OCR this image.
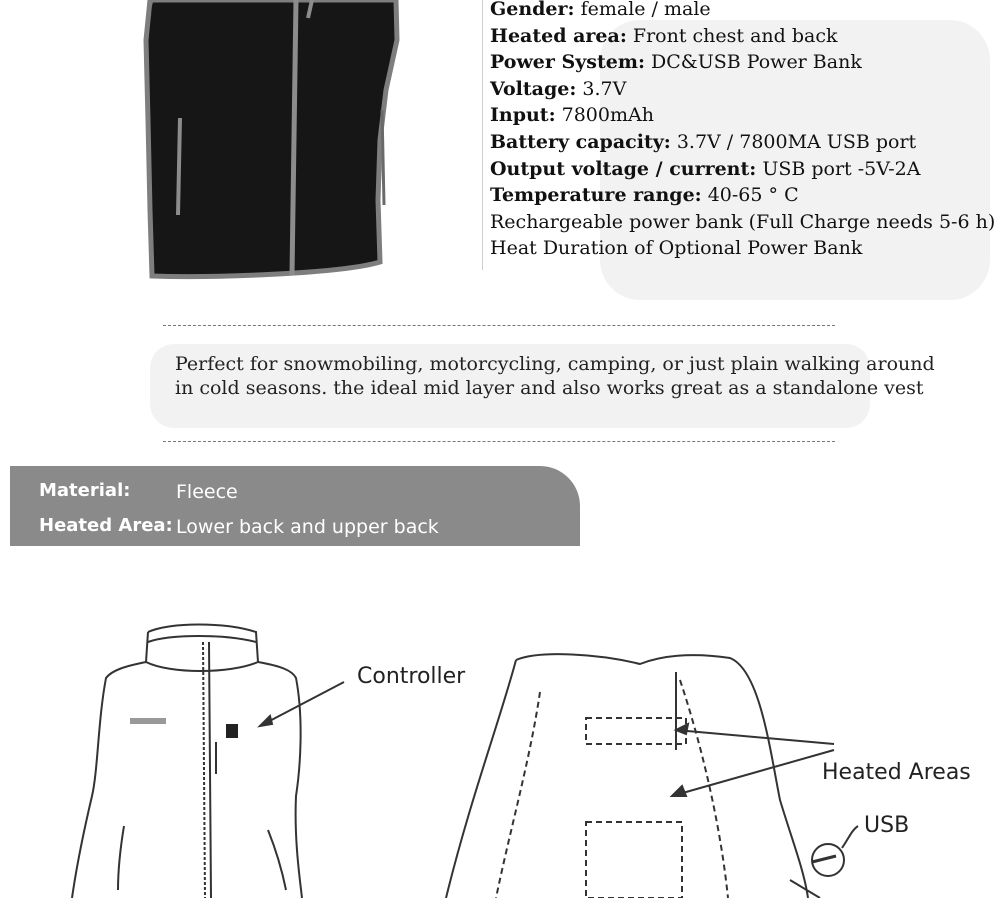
Gender: female / male
Heated area: Front chest and back
Power System: DC&USB Power Bank
Voltage: 3.7V
Input: 7800mAh
Battery capacity: 3.7V / 7800MA USB port
Output voltage / current: USB port -5V-2A
Temperature range: 40-65 ° C
Rechargeable power bank (Full Charge needs 5-6 h)
Heat Duration of Optional Power Bank
Perfect for snowmobiling, motorcycling, camping, or just plain walking around
in cold seasons. the ideal mid layer and also works great as a standalone vest
Material: Fleece
Heated Area: Lower back and upper back
Controller
Heated Areas
USB
